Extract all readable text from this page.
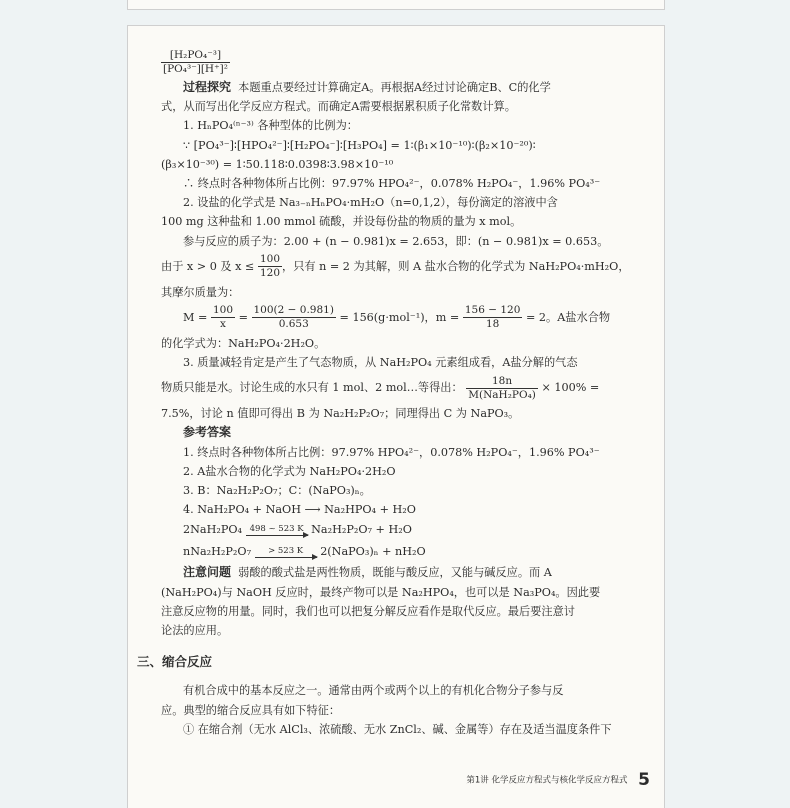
$\frac{\text{[H₂PO₄⁻³]}}{\text{[PO₄³⁻][H⁺]²}}$
过程探究 本题重点要经过计算确定A。再根据A经过讨论确定B、C的化学
式，从而写出化学反应方程式。而确定A需要根据累积质子化常数计算。
1. HₙPO₄⁽ⁿ⁻³⁾ 各种型体的比例为：
∵ [PO₄³⁻]∶[HPO₄²⁻]∶[H₂PO₄⁻]∶[H₃PO₄] = 1∶(β₁×10⁻¹⁰)∶(β₂×10⁻²⁰)∶
(β₃×10⁻³⁰) = 1∶50.118∶0.0398∶3.98×10⁻¹⁰
∴ 终点时各种物体所占比例：97.97% HPO₄²⁻，0.078% H₂PO₄⁻，1.96% PO₄³⁻
2. 设盐的化学式是 Na₃₋ₙHₙPO₄·mH₂O（n=0,1,2），每份滴定的溶液中含
100 mg 这种盐和 1.00 mmol 硫酸，并设每份盐的物质的量为 x mol。
参与反应的质子为：2.00 + (n − 0.981)x = 2.653，即：(n − 0.981)x = 0.653。
由于 x > 0 及 $x \le \frac{100}{120}$ ，只有 n = 2 为其解，则 A 盐水合物的化学式为 NaH₂PO₄·mH₂O，
其摩尔质量为：
$M = \frac{100}{x} = \frac{100(2 - 0.981)}{0.653} = 156(g\cdot mol^{-1})$，$m = \frac{156 - 120}{18} = 2$。A盐水合物
的化学式为：NaH₂PO₄·2H₂O。
3. 质量减轻肯定是产生了气态物质，从 NaH₂PO₄ 元素组成看，A盐分解的气态
物质只能是水。讨论生成的水只有 1 mol、2 mol…等得出： $\frac{18n}{\text{M(NaH₂PO₄)}} \times 100\%$ =
7.5%，讨论 n 值即可得出 B 为 Na₂H₂P₂O₇；同理得出 C 为 NaPO₃。
参考答案
1. 终点时各种物体所占比例：97.97% HPO₄²⁻，0.078% H₂PO₄⁻，1.96% PO₄³⁻
2. A盐水合物的化学式为 NaH₂PO₄·2H₂O
3. B：Na₂H₂P₂O₇；C：(NaPO₃)ₙ。
4. NaH₂PO₄ + NaOH ⟶ Na₂HPO₄ + H₂O
2NaH₂PO₄ 498 ~ 523 K Na₂H₂P₂O₇ + H₂O
nNa₂H₂P₂O₇	> 523 K	2(NaPO₃)ₙ + nH₂O
注意问题 弱酸的酸式盐是两性物质，既能与酸反应，又能与碱反应。而 A
(NaH₂PO₄)与 NaOH 反应时，最终产物可以是 Na₂HPO₄，也可以是 Na₃PO₄。因此要
注意反应物的用量。同时，我们也可以把复分解反应看作是取代反应。最后要注意讨
论法的应用。
三、缩合反应
有机合成中的基本反应之一。通常由两个或两个以上的有机化合物分子参与反
应。典型的缩合反应具有如下特征：
① 在缩合剂（无水 AlCl₃、浓硫酸、无水 ZnCl₂、碱、金属等）存在及适当温度条件下
第1讲 化学反应方程式与核化学反应方程式 5
